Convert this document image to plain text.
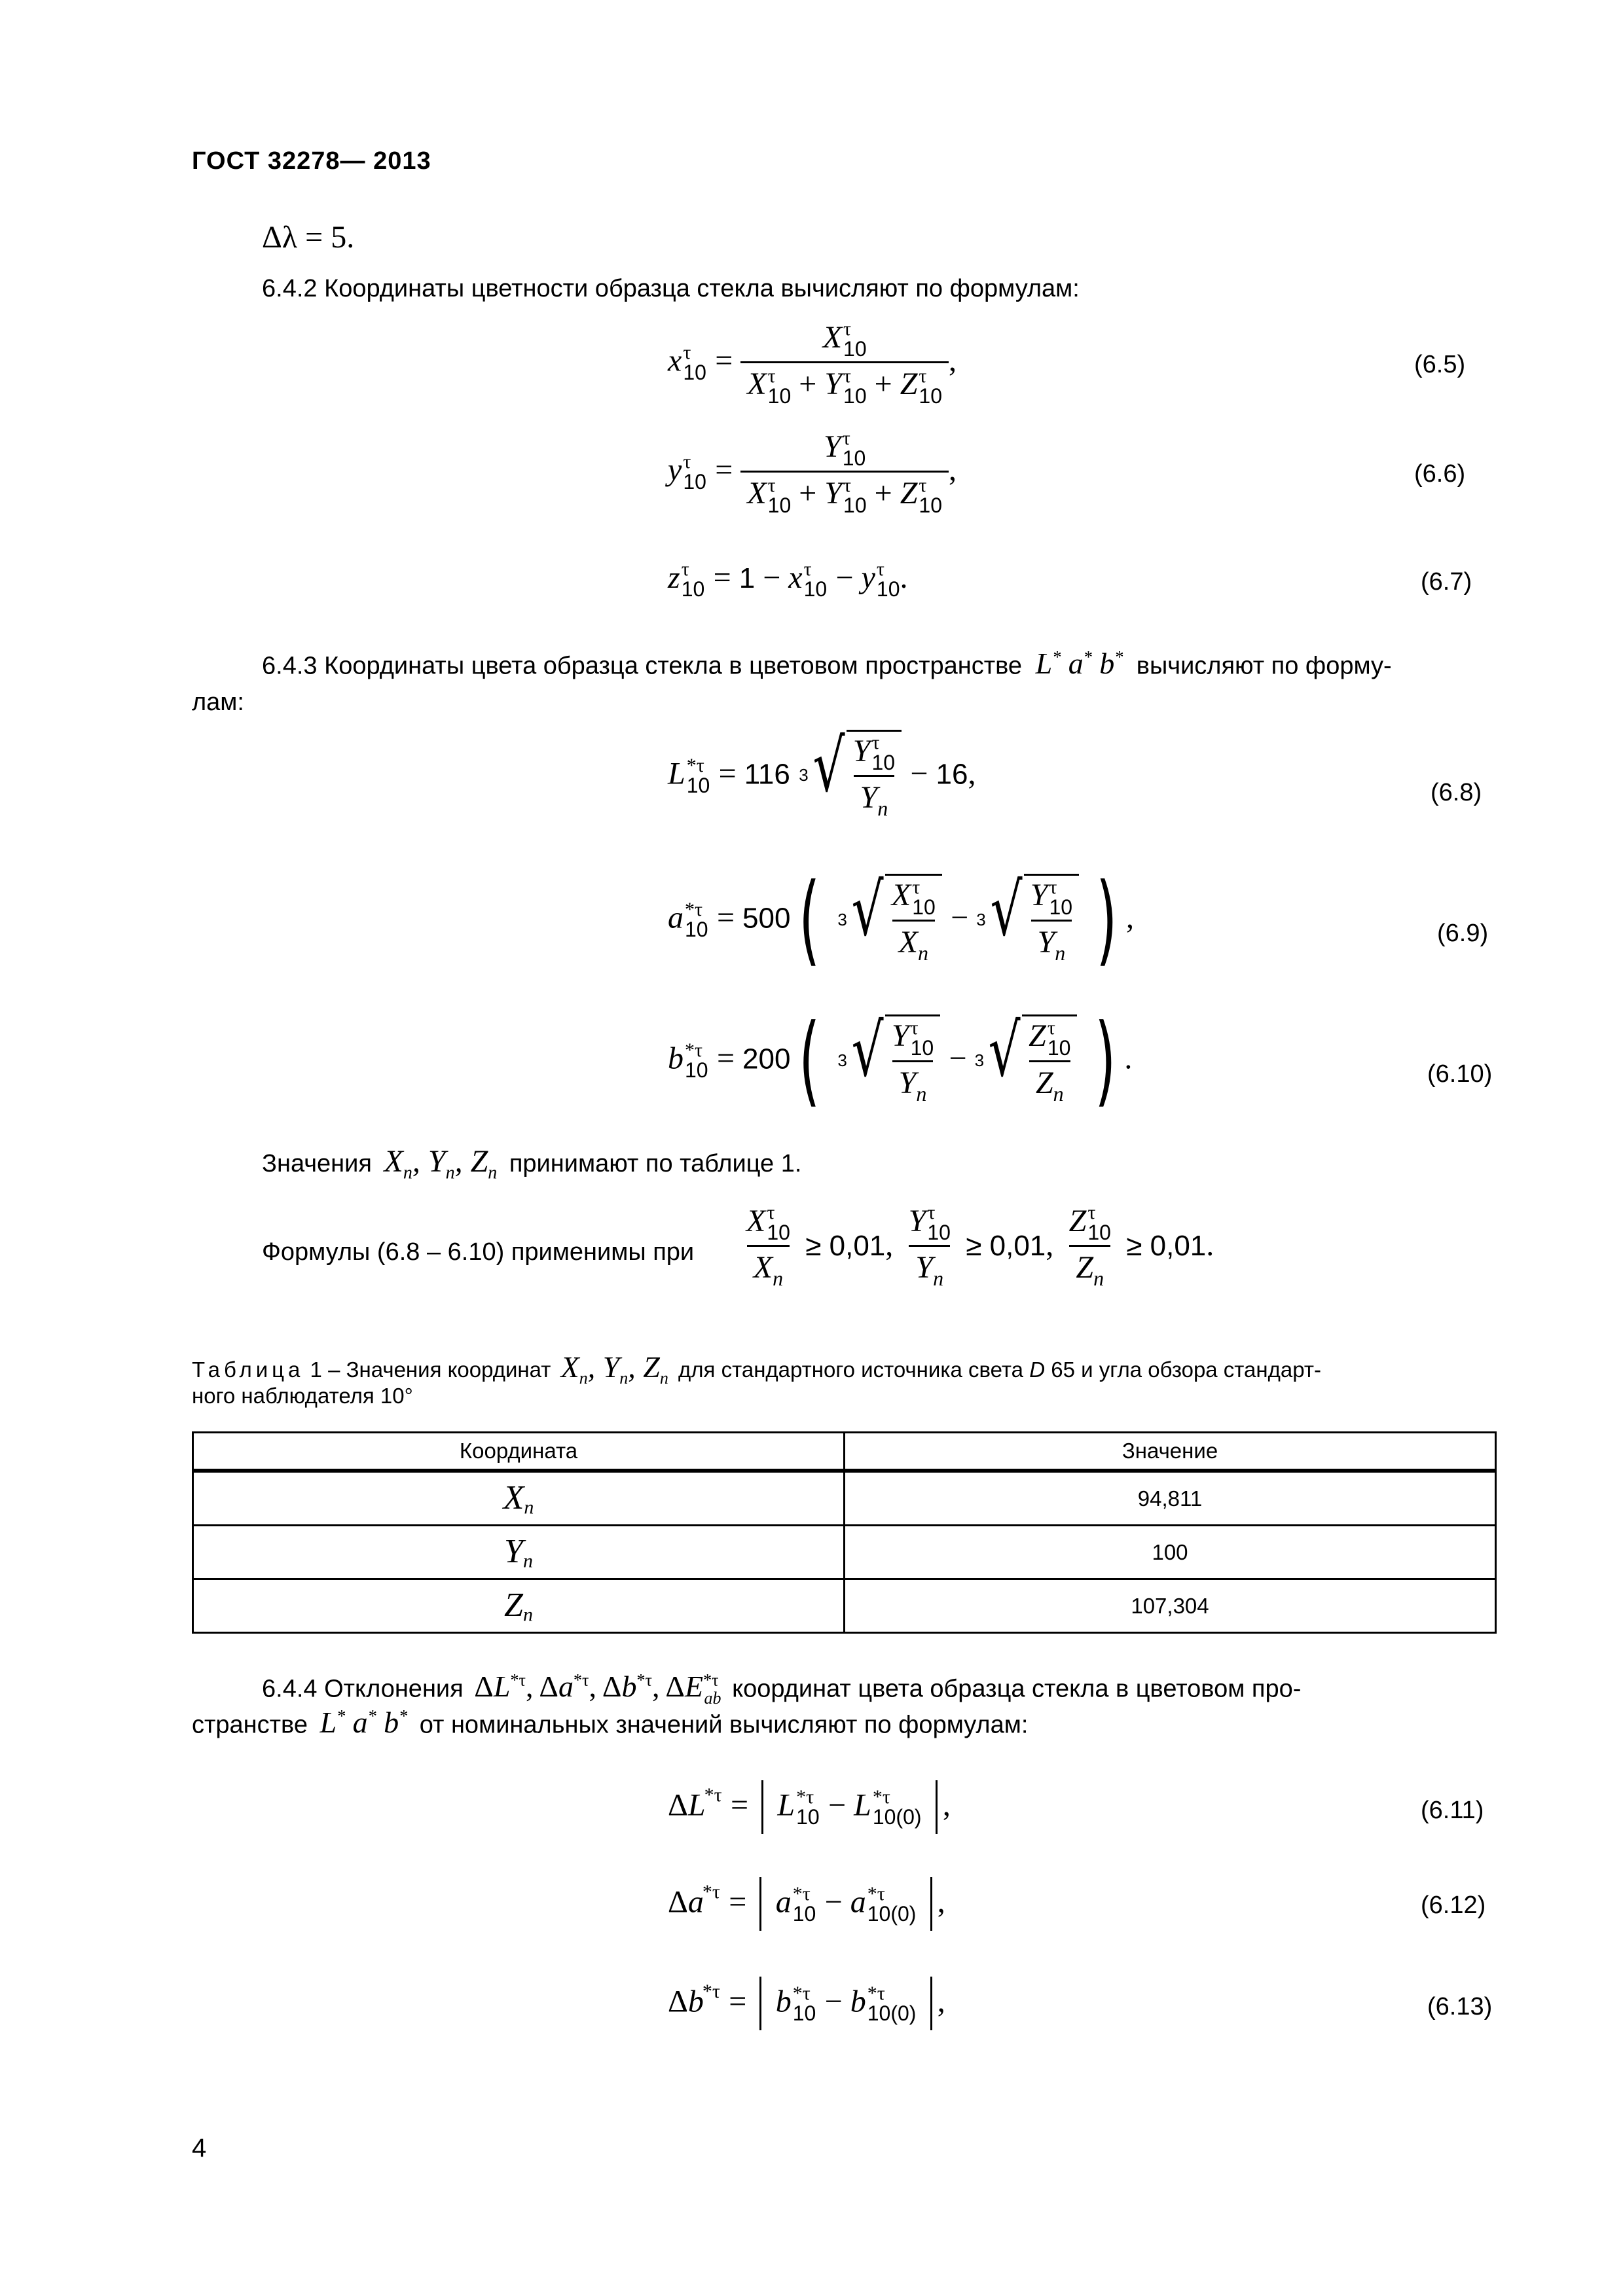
ГОСТ 32278— 2013
Δλ = 5.
6.4.2 Координаты цветности образца стекла вычисляют по формулам:
x τ
10 = X τ
10
X τ
10 + Y τ
10 + Z τ
10 ,	(6.5)
y τ
10 = Y τ
10
X τ
10 + Y τ
10 + Z τ
10 ,	(6.6)
z τ
10 = 1 − x τ
10 − y τ
10 .	(6.7)
6.4.3 Координаты цвета образца стекла в цветовом пространстве L* a* b* вычисляют по форму-
лам:
L *τ
10 = 116 3 √ Y τ
10
$Y_n - 16$,
(6.8)
a *τ
10 = 500( 3 √ X τ
10
$X_n - 3$ √ Y τ
10
$Y_n$ ) ,	(6.9)
b *τ
10 = 200( 3 √ Y τ
10
$Y_n - 3$ √ Z τ
10
$Z_n$ ) .	(6.10)
Значения $X_n$, $Y_n$, $Z_n$ принимают по таблице 1.
Формулы (6.8 – 6.10) применимы при X τ
10
$X_n \ge 0,01$, Y τ
10
$Y_n \ge 0,01$, Z τ
10
$Z_n \ge 0,01$.
Таблица 1 – Значения координат $X_n$, $Y_n$, $Z_n$ для стандартного источника света D 65 и угла обзора стандарт-
ного наблюдателя 10°
Координата	Значение
$X_n$	94,811
$Y_n$	100
$Z_n$	107,304
6.4.4 Отклонения $\Delta L^{*\tau}$, $\Delta a^{*\tau}$, $\Delta b^{*\tau}$, $\Delta E^{*\tau}_{ab}$ координат цвета образца стекла в цветовом про-
странстве L* a* b* от номинальных значений вычисляют по формулам:
$\Delta L^{*\tau} = L$ *τ
10 − L *τ
10(0) ,	(6.11)
$\Delta a^{*\tau} = a$ *τ
10 − a *τ
10(0) ,	(6.12)
$\Delta b^{*\tau} = b$ *τ
10 − b *τ
10(0) ,	(6.13)
4
